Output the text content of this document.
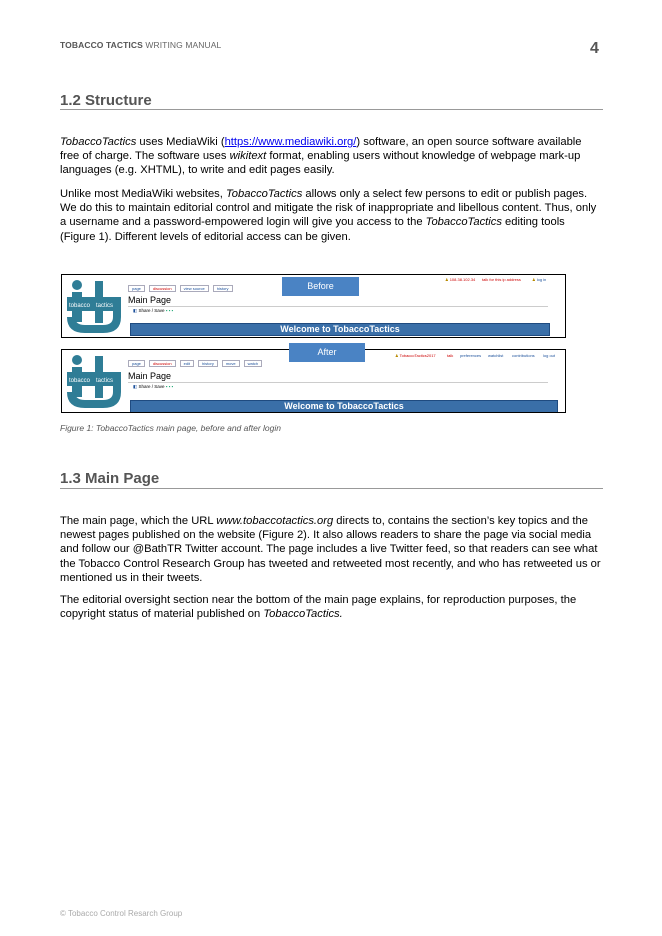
TOBACCO TACTICS WRITING MANUAL	4
1.2 Structure
TobaccoTactics uses MediaWiki (https://www.mediawiki.org/) software, an open source software available free of charge. The software uses wikitext format, enabling users without knowledge of webpage mark-up languages (e.g. XHTML), to write and edit pages easily.
Unlike most MediaWiki websites, TobaccoTactics allows only a select few persons to edit or publish pages. We do this to maintain editorial control and mitigate the risk of inappropriate and libellous content. Thus, only a username and a password-empowered login will give you access to the TobaccoTactics editing tools (Figure 1). Different levels of editorial access can be given.
tobacco tactics
page	discussion	view source	history
♟ 108.38.102.34 talk for this ip address	♟ log in
Main Page
◧ Share / Save ▪ ▪ ▪
Welcome to TobaccoTactics
Before
tobacco tactics
page	discussion	edit	history	move	watch
♟ TobaccoTactics2017	talk preferences watchlist contributions log out
Main Page
◧ Share / Save ▪ ▪ ▪
Welcome to TobaccoTactics
After
Figure 1: TobaccoTactics main page, before and after login
1.3 Main Page
The main page, which the URL www.tobaccotactics.org directs to, contains the section’s key topics and the newest pages published on the website (Figure 2). It also allows readers to share the page via social media and follow our @BathTR Twitter account. The page includes a live Twitter feed, so that readers can see what the Tobacco Control Research Group has tweeted and retweeted most recently, and who has retweeted us or mentioned us in their tweets.
The editorial oversight section near the bottom of the main page explains, for reproduction purposes, the copyright status of material published on TobaccoTactics.
© Tobacco Control Resarch Group
